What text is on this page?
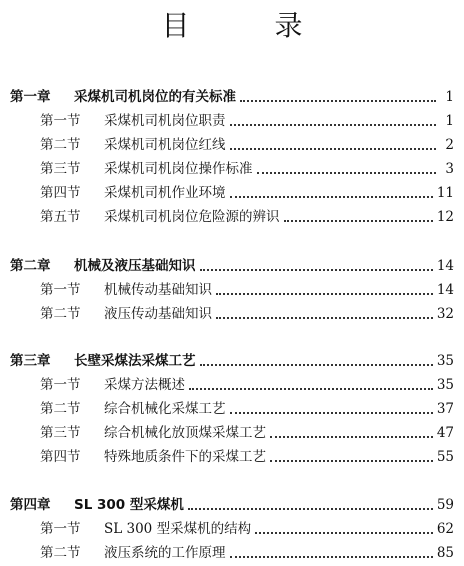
目 录
第一章	采煤机司机岗位的有关标准	1
第一节	采煤机司机岗位职责	1
第二节	采煤机司机岗位红线	2
第三节	采煤机司机岗位操作标准	3
第四节	采煤机司机作业环境	11
第五节	采煤机司机岗位危险源的辨识	12
第二章	机械及液压基础知识	14
第一节	机械传动基础知识	14
第二节	液压传动基础知识	32
第三章	长壁采煤法采煤工艺	35
第一节	采煤方法概述	35
第二节	综合机械化采煤工艺	37
第三节	综合机械化放顶煤采煤工艺	47
第四节	特殊地质条件下的采煤工艺	55
第四章	SL 300 型采煤机	59
第一节	SL 300 型采煤机的结构	62
第二节	液压系统的工作原理	85
